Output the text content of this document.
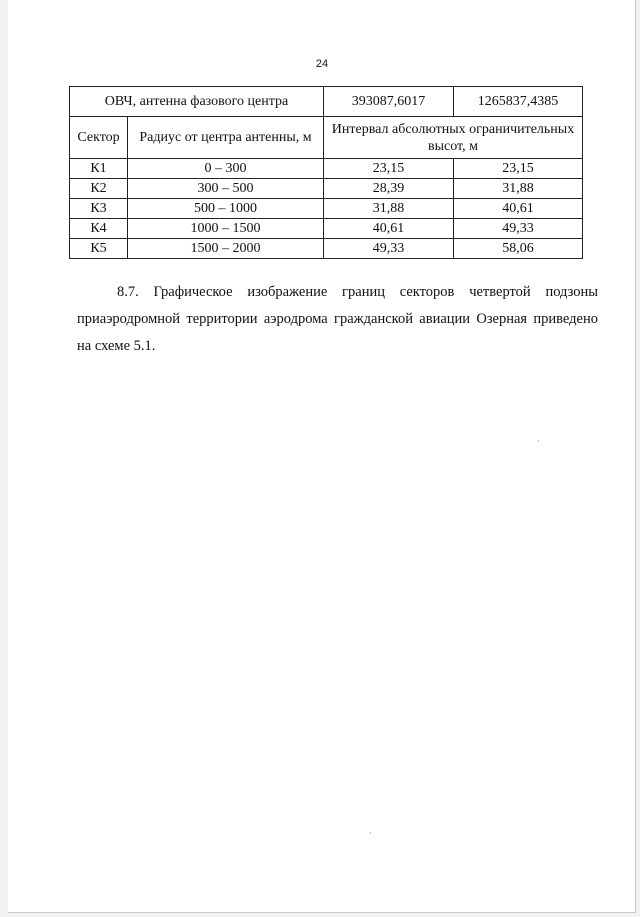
24
ОВЧ, антенна фазового центра		393087,6017	1265837,4385
Сектор	Радиус от центра антенны, м	Интервал абсолютных ограничительных высот, м	
К1	0 – 300	23,15	23,15
К2	300 – 500	28,39	31,88
К3	500 – 1000	31,88	40,61
К4	1000 – 1500	40,61	49,33
К5	1500 – 2000	49,33	58,06

8.7. Графическое изображение границ секторов четвертой подзоны приаэродромной территории аэродрома гражданской авиации Озерная приведено на схеме 5.1.
